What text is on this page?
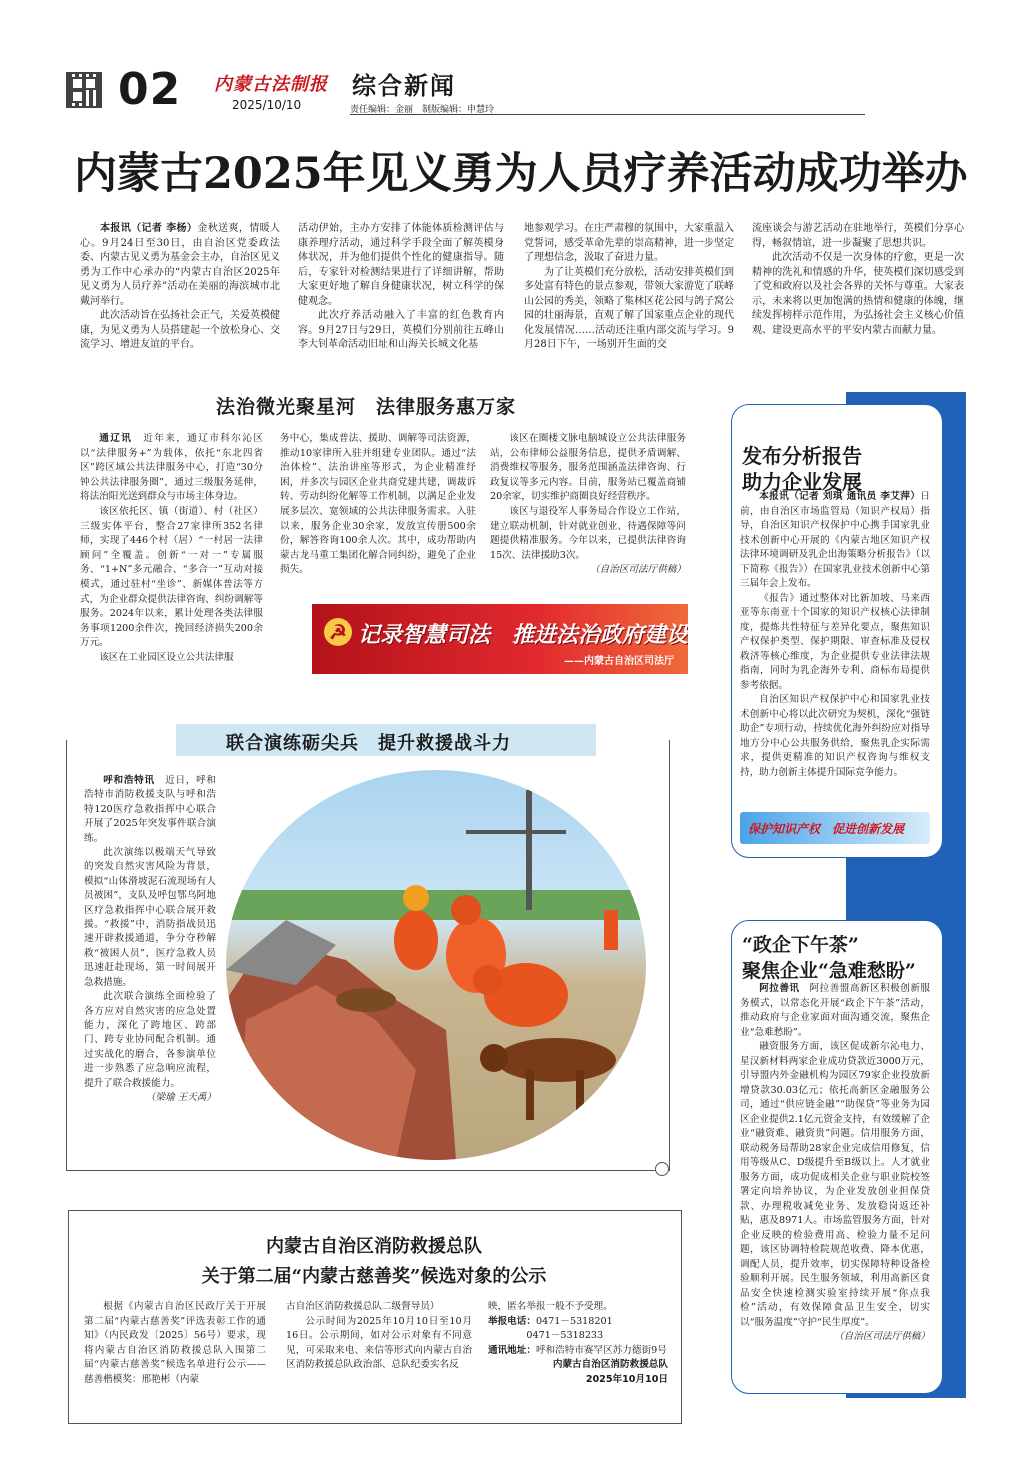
02 内蒙古法制报
2025/10/10
综合新闻
责任编辑：金丽　制版编辑：申慧玲
内蒙古2025年见义勇为人员疗养活动成功举办

本报讯（记者 李杨）金秋送爽，情暖人心。9月24日至30日，由自治区党委政法委、内蒙古见义勇为基金会主办，自治区见义勇为工作中心承办的“内蒙古自治区2025年见义勇为人员疗养”活动在美丽的海滨城市北戴河举行。

此次活动旨在弘扬社会正气，关爱英模健康，为见义勇为人员搭建起一个放松身心、交流学习、增进友谊的平台。

活动伊始，主办方安排了体能体质检测评估与康养理疗活动，通过科学手段全面了解英模身体状况，并为他们提供个性化的健康指导。随后，专家针对检测结果进行了详细讲解，帮助大家更好地了解自身健康状况，树立科学的保健观念。

此次疗养活动融入了丰富的红色教育内容。9月27日与29日，英模们分别前往五峰山李大钊革命活动旧址和山海关长城文化基

地参观学习。在庄严肃穆的氛围中，大家重温入党誓词，感受革命先辈的崇高精神，进一步坚定了理想信念，汲取了奋进力量。

为了让英模们充分放松，活动安排英模们到多处富有特色的景点参观，带领大家游览了联峰山公园的秀美，领略了集林区花公园与鸽子窝公园的壮丽海景，直观了解了国家重点企业的现代化发展情况……活动还注重内部交流与学习。9月28日下午，一场别开生面的交

流座谈会与游艺活动在驻地举行，英模们分享心得，畅叙情谊，进一步凝聚了思想共识。

此次活动不仅是一次身体的疗愈，更是一次精神的洗礼和情感的升华，使英模们深切感受到了党和政府以及社会各界的关怀与尊重。大家表示，未来将以更加饱满的热情和健康的体魄，继续发挥榜样示范作用，为弘扬社会主义核心价值观、建设更高水平的平安内蒙古而献力量。

法治微光聚星河　法律服务惠万家

通辽讯　 近年来，通辽市科尔沁区以“法律服务+”为载体，依托“东北四省区”跨区域公共法律服务中心，打造“30分钟公共法律服务圈”，通过三级服务延伸，将法治阳光送到群众与市场主体身边。

该区依托区、镇（街道）、村（社区）三级实体平台，整合27家律所352名律师，实现了446个村（居）“一村居一法律顾问”全覆盖。创新“一对一”专属服务、“1+N”多元融合、“多合一”互动对接模式，通过驻村“坐诊”、新媒体普法等方式，为企业群众提供法律咨询、纠纷调解等服务。2024年以来，累计处理各类法律服务事项1200余件次，挽回经济损失200余万元。

该区在工业园区设立公共法律服

务中心，集成普法、援助、调解等司法资源，推动10家律所入驻并组建专业团队。通过“法治体检”、法治讲座等形式，为企业精准纾困，并多次与园区企业共商党建共建，调裁诉转、劳动纠纷化解等工作机制，以满足企业发展多层次、宽领域的公共法律服务需求。入驻以来，服务企业30余家，发放宣传册500余份，解答咨询100余人次。其中，成功帮助内蒙古龙马重工集团化解合同纠纷，避免了企业损失。

该区在圈楼文脉电脑城设立公共法律服务站，公布律师公益服务信息，提供矛盾调解、消费维权等服务，服务范围涵盖法律咨询、行政复议等多元内容。目前，服务站已覆盖商铺20余家，切实维护商圈良好经营秩序。

该区与退役军人事务局合作设立工作站，建立联动机制，针对就业创业、待遇保障等问题提供精准服务。今年以来，已提供法律咨询15次、法律援助3次。

（自治区司法厅供稿）

☭ 记录智慧司法　推进法治政府建设
——内蒙古自治区司法厅
联合演练砺尖兵　提升救援战斗力

呼和浩特讯　 近日，呼和浩特市消防救援支队与呼和浩特120医疗急救指挥中心联合开展了2025年突发事件联合演练。

此次演练以极端天气导致的突发自然灾害风险为背景，模拟“山体滑坡泥石流现场有人员被困”，支队及呼包鄂乌阿地区疗急救指挥中心联合展开救援。“救援”中，消防指战员迅速开辟救援通道，争分夺秒解救“被困人员”，医疗急救人员迅速赶赴现场，第一时间展开急救措施。

此次联合演练全面检验了各方应对自然灾害的应急处置能力，深化了跨地区、跨部门、跨专业协同配合机制。通过实战化的磨合，各参演单位进一步熟悉了应急响应流程，提升了联合救援能力。

（梁瑜 王天禹）

发布分析报告
助力企业发展

本报讯（记者 刘琪 通讯员 李艾萍）日前，由自治区市场监管局（知识产权局）指导，自治区知识产权保护中心携手国家乳业技术创新中心开展的《内蒙古地区知识产权法律环境调研及乳企出海策略分析报告》（以下简称《报告》）在国家乳业技术创新中心第三届年会上发布。

《报告》通过整体对比新加坡、马来西亚等东南亚十个国家的知识产权核心法律制度，提炼共性特征与差异化要点，聚焦知识产权保护类型、保护期限、审查标准及侵权救济等核心维度，为企业提供专业法律法规指南，同时为乳企海外专利、商标布局提供参考依据。

自治区知识产权保护中心和国家乳业技术创新中心将以此次研究为契机，深化“强链助企”专项行动，持续优化海外纠纷应对指导地方分中心公共服务供给，聚焦乳企实际需求，提供更精准的知识产权咨询与维权支持，助力创新主体提升国际竞争能力。

保护知识产权　促进创新发展
“政企下午茶”
聚焦企业“急难愁盼”

阿拉善讯　 阿拉善盟高新区积极创新服务模式，以常态化开展“政企下午茶”活动，推动政府与企业家面对面沟通交流，聚焦企业“急难愁盼”。

融资服务方面，该区促成新尔沁电力、星汉新材料两家企业成功贷款近3000万元，引导盟内外金融机构为园区79家企业投放新增贷款30.03亿元；依托高新区金融服务公司，通过“供应链金融”“助保贷”等业务为园区企业提供2.1亿元资金支持，有效缓解了企业“融资难、融资贵”问题。信用服务方面，联动税务局帮助28家企业完成信用修复，信用等级从C、D级提升至B级以上。人才就业服务方面，成功促成相关企业与职业院校签署定向培养协议，为企业发放创业担保贷款、办理税收减免业务、发放稳岗返还补贴，惠及8971人。市场监管服务方面，针对企业反映的检验费用高、检验力量不足问题，该区协调特检院规范收费、降本优惠，调配人员，提升效率，切实保障特种设备检验顺利开展。民生服务领域，利用高新区食品安全快速检测实验室持续开展“你点我检”活动，有效保障食品卫生安全，切实以“服务温度”守护“民生厚度”。

（自治区司法厅供稿）

内蒙古自治区消防救援总队
关于第二届“内蒙古慈善奖”候选对象的公示

根据《内蒙古自治区民政厅关于开展第二届“内蒙古慈善奖”评选表彰工作的通知》（内民政发〔2025〕56号）要求，现将内蒙古自治区消防救援总队入围第二届“内蒙古慈善奖”候选名单进行公示——慈善楷模奖：邢艳彬（内蒙

古自治区消防救援总队二级督导员）

公示时间为2025年10月10日至10月16日。公示期间，如对公示对象有不同意见，可采取来电、来信等形式向内蒙古自治区消防救援总队政治部、总队纪委实名反

映，匿名举报一般不予受理。

举报电话：0471－5318201

0471－5318233

通讯地址：呼和浩特市赛罕区苏力德街9号

内蒙古自治区消防救援总队

2025年10月10日
